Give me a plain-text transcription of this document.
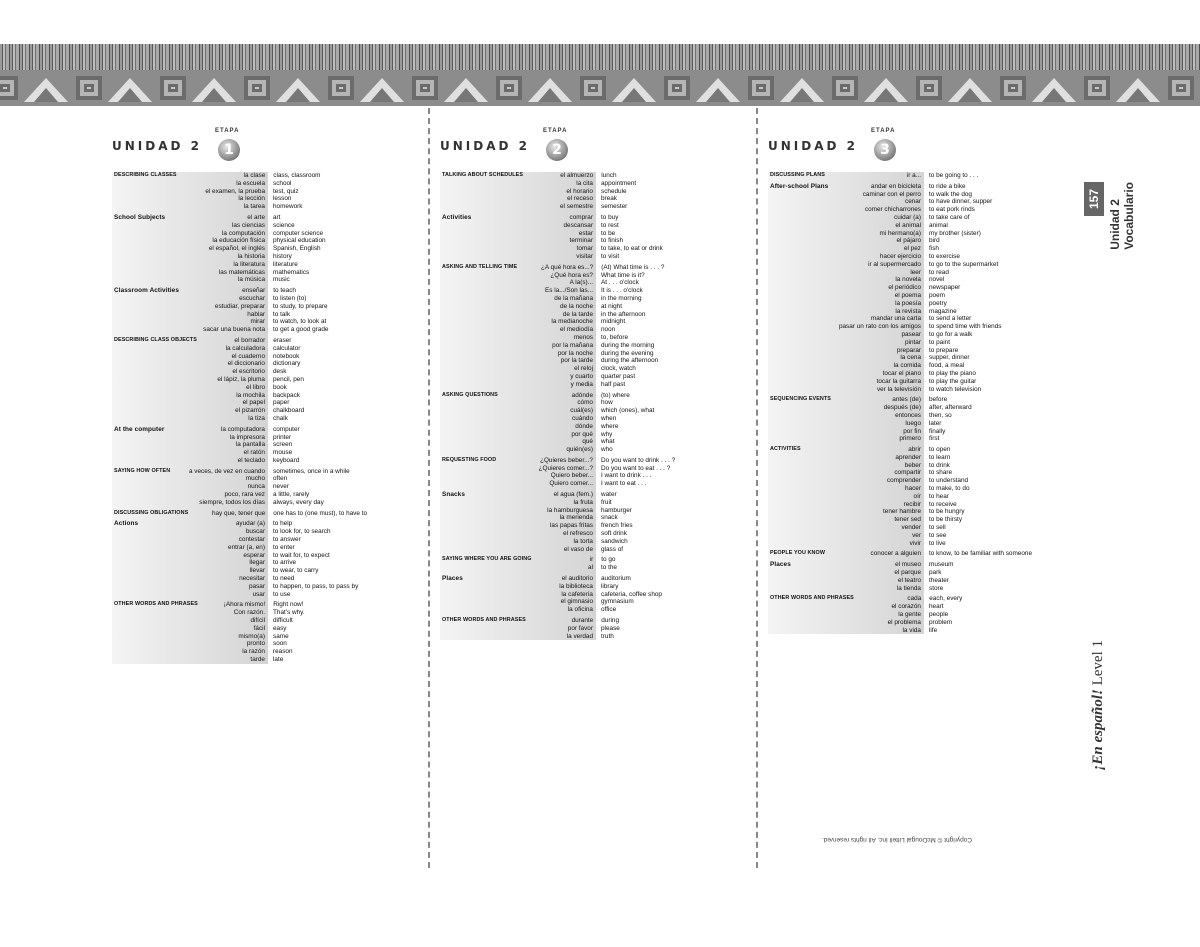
UNIDAD 2
ETAPA
1
DESCRIBING CLASSES	la clase	class, classroom
la escuela	school
el examen, la prueba	test, quiz
la lección	lesson
la tarea	homework
School Subjects	el arte	art
las ciencias	science
la computación	computer science
la educación física	physical education
el español, el inglés	Spanish, English
la historia	history
la literatura	literature
las matemáticas	mathematics
la música	music
Classroom Activities	enseñar	to teach
escuchar	to listen (to)
estudiar, preparar	to study, to prepare
hablar	to talk
mirar	to watch, to look at
sacar una buena nota	to get a good grade
DESCRIBING CLASS OBJECTS	el borrador	eraser
la calculadora	calculator
el cuaderno	notebook
el diccionario	dictionary
el escritorio	desk
el lápiz, la pluma	pencil, pen
el libro	book
la mochila	backpack
el papel	paper
el pizarrón	chalkboard
la tiza	chalk
At the computer	la computadora	computer
la impresora	printer
la pantalla	screen
el ratón	mouse
el teclado	keyboard
SAYING HOW OFTEN	a veces, de vez en cuando	sometimes, once in a while
mucho	often
nunca	never
poco, rara vez	a little, rarely
siempre, todos los días	always, every day
DISCUSSING OBLIGATIONS	hay que, tener que	one has to (one must), to have to
Actions	ayudar (a)	to help
buscar	to look for, to search
contestar	to answer
entrar (a, en)	to enter
esperar	to wait for, to expect
llegar	to arrive
llevar	to wear, to carry
necesitar	to need
pasar	to happen, to pass, to pass by
usar	to use
OTHER WORDS AND PHRASES	¡Ahora mismo!	Right now!
Con razón.	That's why.
difícil	difficult
fácil	easy
mismo(a)	same
pronto	soon
la razón	reason
tarde	late
UNIDAD 2
ETAPA
2
TALKING ABOUT SCHEDULES	el almuerzo	lunch
la cita	appointment
el horario	schedule
el receso	break
el semestre	semester
Activities	comprar	to buy
descansar	to rest
estar	to be
terminar	to finish
tomar	to take, to eat or drink
visitar	to visit
ASKING AND TELLING TIME	¿A qué hora es...?	(At) What time is . . . ?
¿Qué hora es?	What time is it?
A la(s)...	At . . . o'clock
Es la.../Son las...	It is . . . o'clock
de la mañana	in the morning
de la noche	at night
de la tarde	in the afternoon
la medianoche	midnight
el mediodía	noon
menos	to, before
por la mañana	during the morning
por la noche	during the evening
por la tarde	during the afternoon
el reloj	clock, watch
y cuarto	quarter past
y media	half past
ASKING QUESTIONS	adónde	(to) where
cómo	how
cuál(es)	which (ones), what
cuándo	when
dónde	where
por qué	why
qué	what
quién(es)	who
REQUESTING FOOD	¿Quieres beber...?	Do you want to drink . . . ?
¿Quieres comer...?	Do you want to eat . . . ?
Quiero beber...	I want to drink . . .
Quiero comer...	I want to eat . . .
Snacks	el agua (fem.)	water
la fruta	fruit
la hamburguesa	hamburger
la merienda	snack
las papas fritas	french fries
el refresco	soft drink
la torta	sandwich
el vaso de	glass of
SAYING WHERE YOU ARE GOING	ir	to go
al	to the
Places	el auditorio	auditorium
la biblioteca	library
la cafetería	cafeteria, coffee shop
el gimnasio	gymnasium
la oficina	office
OTHER WORDS AND PHRASES	durante	during
por favor	please
la verdad	truth
UNIDAD 2
ETAPA
3
DISCUSSING PLANS	ir a...	to be going to . . .
After-school Plans	andar en bicicleta	to ride a bike
caminar con el perro	to walk the dog
cenar	to have dinner, supper
comer chicharrones	to eat pork rinds
cuidar (a)	to take care of
el animal	animal
mi hermano(a)	my brother (sister)
el pájaro	bird
el pez	fish
hacer ejercicio	to exercise
ir al supermercado	to go to the supermarket
leer	to read
la novela	novel
el periódico	newspaper
el poema	poem
la poesía	poetry
la revista	magazine
mandar una carta	to send a letter
pasar un rato con los amigos	to spend time with friends
pasear	to go for a walk
pintar	to paint
preparar	to prepare
la cena	supper, dinner
la comida	food, a meal
tocar el piano	to play the piano
tocar la guitarra	to play the guitar
ver la televisión	to watch television
SEQUENCING EVENTS	antes (de)	before
después (de)	after, afterward
entonces	then, so
luego	later
por fin	finally
primero	first
ACTIVITIES	abrir	to open
aprender	to learn
beber	to drink
compartir	to share
comprender	to understand
hacer	to make, to do
oír	to hear
recibir	to receive
tener hambre	to be hungry
tener sed	to be thirsty
vender	to sell
ver	to see
vivir	to live
PEOPLE YOU KNOW	conocer a alguien	to know, to be familiar with someone
Places	el museo	museum
el parque	park
el teatro	theater
la tienda	store
OTHER WORDS AND PHRASES	cada	each, every
el corazón	heart
la gente	people
el problema	problem
la vida	life
157
Unidad 2
Vocabulario
¡En español! Level 1
Copyright © McDougal Littell Inc. All rights reserved.
